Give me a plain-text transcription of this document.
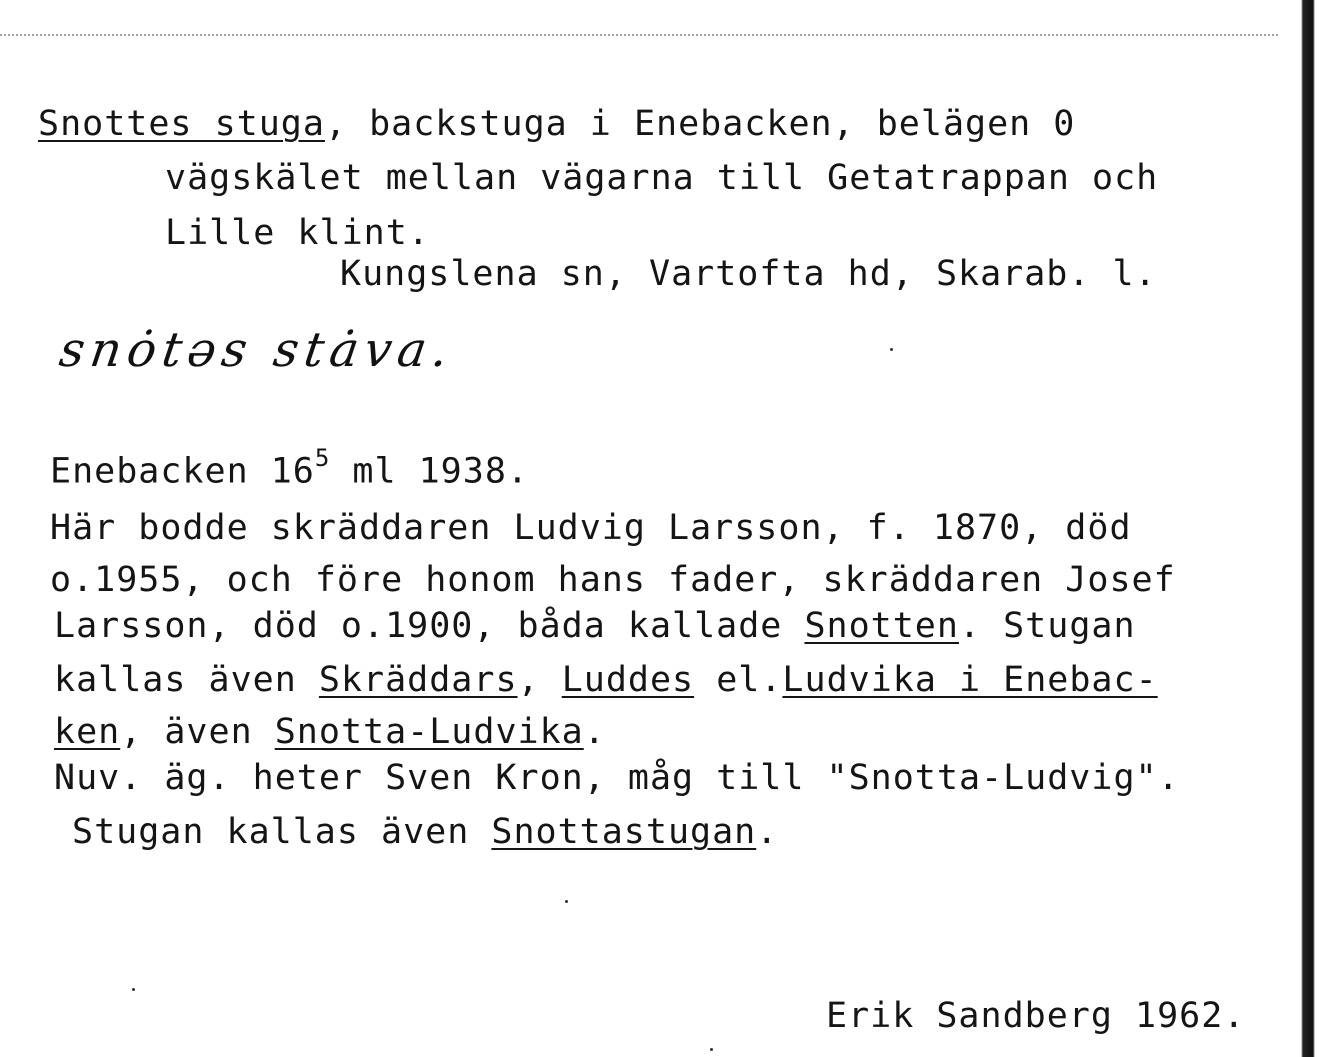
Snottes stuga, backstuga i Enebacken, belägen 0
vägskälet mellan vägarna till Getatrappan och
Lille klint.
Kungslena sn, Vartofta hd, Skarab. l.
snȯtəs stȧva.
Enebacken $16^5$ ml 1938.
Här bodde skräddaren Ludvig Larsson, f. 1870, död
o.1955, och före honom hans fader, skräddaren Josef
Larsson, död o.1900, båda kallade Snotten. Stugan
kallas även Skräddars, Luddes el.Ludvika i Enebac-
ken, även Snotta-Ludvika.
Nuv. äg. heter Sven Kron, måg till "Snotta-Ludvig".
Stugan kallas även Snottastugan.
Erik Sandberg 1962.
